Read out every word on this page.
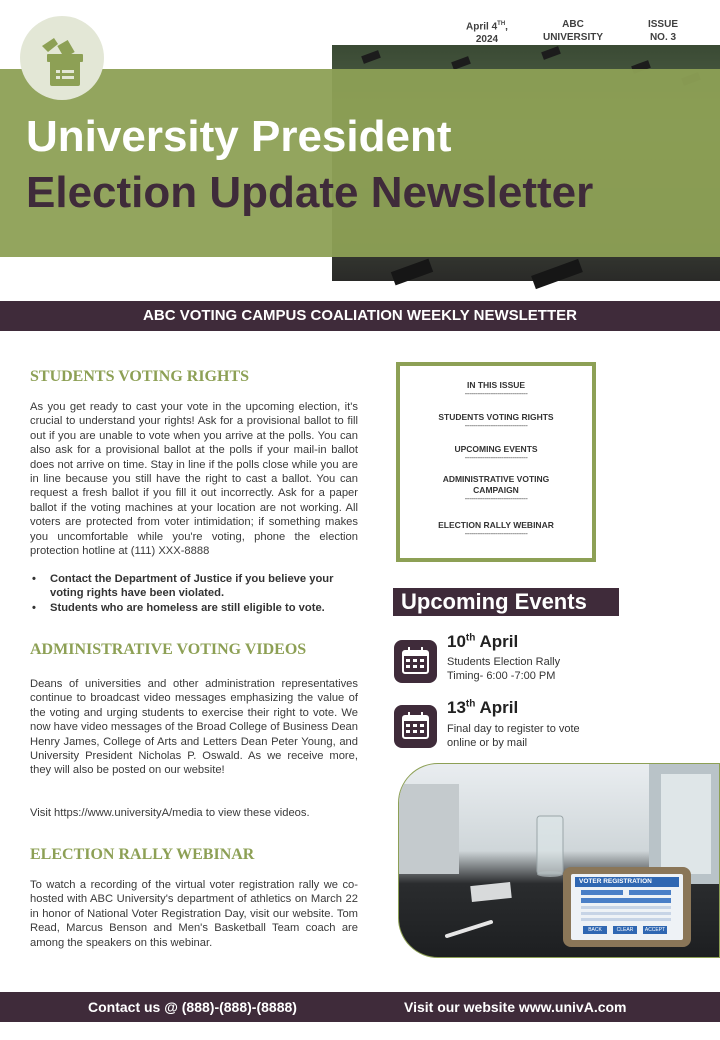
April 4TH,
2024
ABC
UNIVERSITY
ISSUE
NO. 3
University President
Election Update Newsletter
ABC VOTING CAMPUS COALIATION WEEKLY NEWSLETTER
STUDENTS VOTING RIGHTS

As you get ready to cast your vote in the upcoming election, it's crucial to understand your rights! Ask for a provisional ballot to fill out if you are unable to vote when you arrive at the polls. You can also ask for a provisional ballot at the polls if your mail-in ballot does not arrive on time. Stay in line if the polls close while you are in line because you still have the right to cast a ballot. You can request a fresh ballot if you fill it out incorrectly. Ask for a paper ballot if the voting machines at your location are not working. All voters are protected from voter intimidation; if something makes you uncomfortable while you're voting, phone the election protection hotline at (111) XXX-8888

• Contact the Department of Justice if you believe your voting rights have been violated.
• Students who are homeless are still eligible to vote.
ADMINISTRATIVE VOTING VIDEOS

Deans of universities and other administration representatives continue to broadcast video messages emphasizing the value of the voting and urging students to exercise their right to vote. We now have video messages of the Broad College of Business Dean Henry James, College of Arts and Letters Dean Peter Young, and University President Nicholas P. Oswald. As we receive more, they will also be posted on our website!

Visit https://www.universityA/media to view these videos.

ELECTION RALLY WEBINAR

To watch a recording of the virtual voter registration rally we co-hosted with ABC University's department of athletics on March 22 in honor of National Voter Registration Day, visit our website. Tom Read, Marcus Benson and Men's Basketball Team coach are among the speakers on this webinar.

IN THIS ISSUE
-----------------------------
STUDENTS VOTING RIGHTS
-----------------------------
UPCOMING EVENTS
-----------------------------
ADMINISTRATIVE VOTING CAMPAIGN
-----------------------------
ELECTION RALLY WEBINAR
-----------------------------
Upcoming Events
10th April
Students Election Rally
Timing- 6:00 -7:00 PM
13th April
Final day to register to vote
online or by mail
VOTER REGISTRATION
BACK	CLEAR	ACCEPT
Contact us @ (888)-(888)-(8888)	Visit our website www.univA.com
